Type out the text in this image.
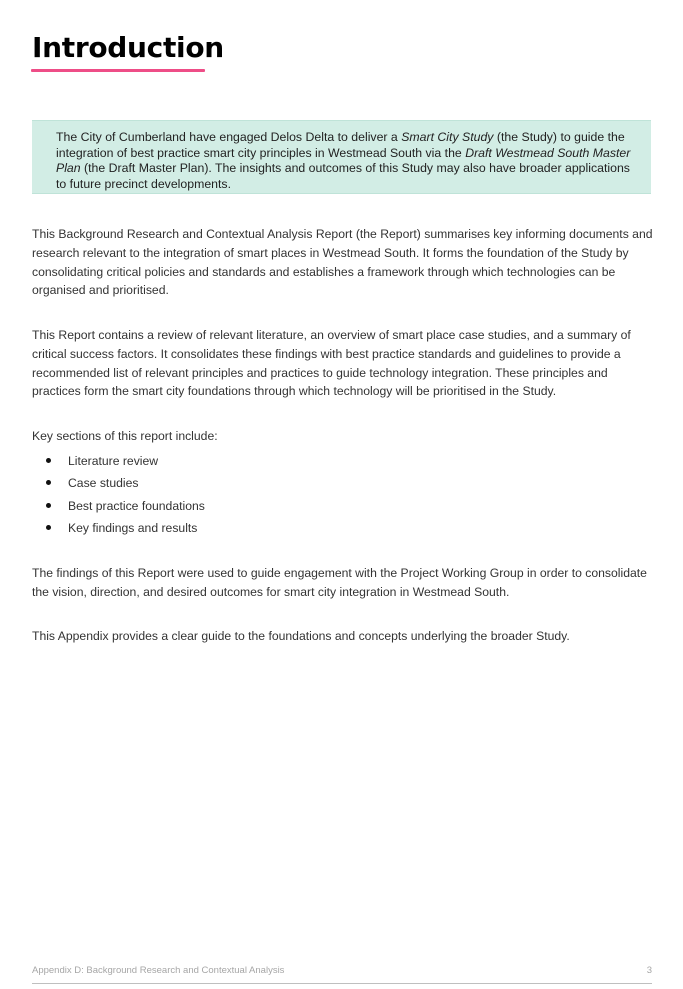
Introduction

The City of Cumberland have engaged Delos Delta to deliver a Smart City Study (the Study) to guide the integration of best practice smart city principles in Westmead South via the Draft Westmead South Master Plan (the Draft Master Plan). The insights and outcomes of this Study may also have broader applications to future precinct developments.

This Background Research and Contextual Analysis Report (the Report) summarises key informing documents and research relevant to the integration of smart places in Westmead South. It forms the foundation of the Study by consolidating critical policies and standards and establishes a framework through which technologies can be organised and prioritised.

This Report contains a review of relevant literature, an overview of smart place case studies, and a summary of critical success factors. It consolidates these findings with best practice standards and guidelines to provide a recommended list of relevant principles and practices to guide technology integration. These principles and practices form the smart city foundations through which technology will be prioritised in the Study.

Key sections of this report include:

Literature review
Case studies
Best practice foundations
Key findings and results

The findings of this Report were used to guide engagement with the Project Working Group in order to consolidate the vision, direction, and desired outcomes for smart city integration in Westmead South.

This Appendix provides a clear guide to the foundations and concepts underlying the broader Study.

Appendix D: Background Research and Contextual Analysis	3
